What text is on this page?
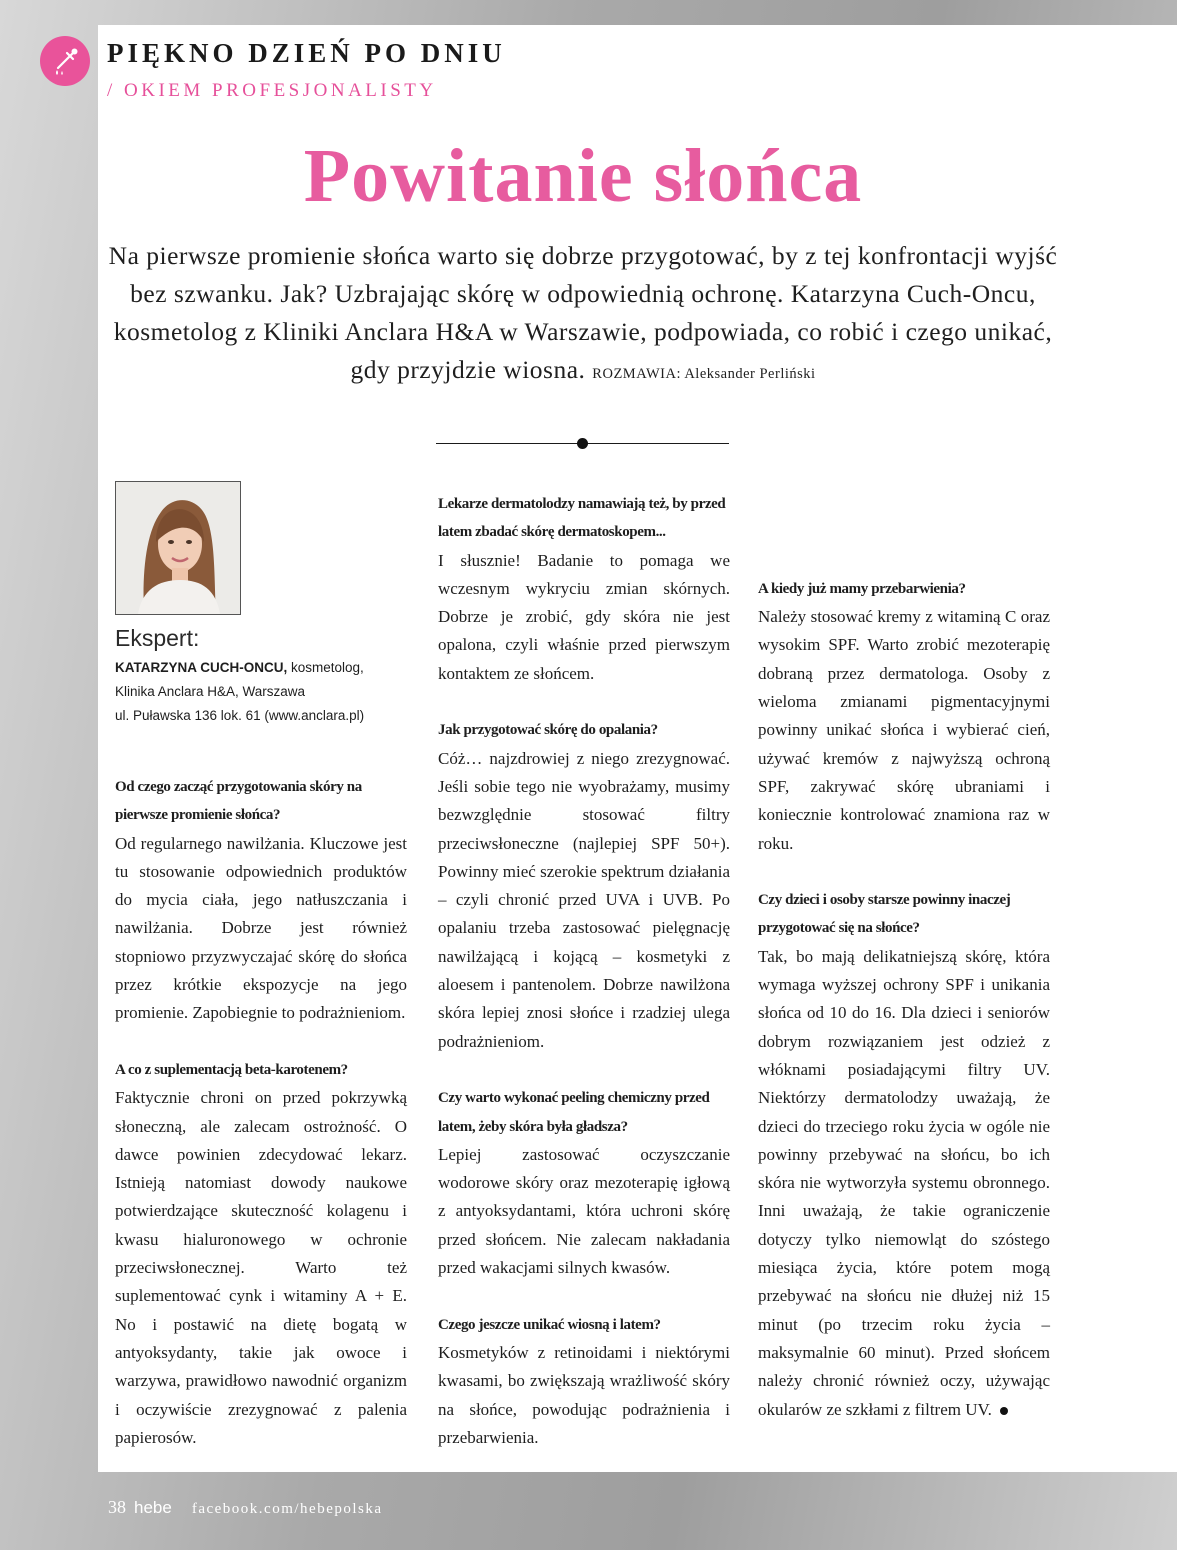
PIĘKNO DZIEŃ PO DNIU
/ OKIEM PROFESJONALISTY
Powitanie słońca
Na pierwsze promienie słońca warto się dobrze przygotować, by z tej konfrontacji wyjść bez szwanku. Jak? Uzbrajając skórę w odpowiednią ochronę. Katarzyna Cuch-Oncu, kosmetolog z Kliniki Anclara H&A w Warszawie, podpowiada, co robić i czego unikać, gdy przyjdzie wiosna. ROZMAWIA: Aleksander Perliński
Ekspert:
KATARZYNA CUCH-ONCU, kosmetolog,
Klinika Anclara H&A, Warszawa
ul. Puławska 136 lok. 61 (www.anclara.pl)

Od czego zacząć przygotowania skóry na pierwsze promienie słońca?

Od regularnego nawilżania. Kluczowe jest tu stosowanie odpowiednich produktów do mycia ciała, jego natłuszczania i nawilżania. Dobrze jest również stopniowo przyzwyczajać skórę do słońca przez krótkie ekspozycje na jego promienie. Zapobiegnie to podrażnieniom.

A co z suplementacją beta-karotenem?

Faktycznie chroni on przed pokrzywką słoneczną, ale zalecam ostrożność. O dawce powinien zdecydować lekarz. Istnieją natomiast dowody naukowe potwierdzające skuteczność kolagenu i kwasu hialuronowego w ochronie przeciwsłonecznej. Warto też suplementować cynk i witaminy A + E. No i postawić na dietę bogatą w antyoksydanty, takie jak owoce i warzywa, prawidłowo nawodnić organizm i oczywiście zrezygnować z palenia papierosów.

Lekarze dermatolodzy namawiają też, by przed latem zbadać skórę dermatoskopem...

I słusznie! Badanie to pomaga we wczesnym wykryciu zmian skórnych. Dobrze je zrobić, gdy skóra nie jest opalona, czyli właśnie przed pierwszym kontaktem ze słońcem.

Jak przygotować skórę do opalania?

Cóż… najzdrowiej z niego zrezygnować. Jeśli sobie tego nie wyobrażamy, musimy bezwzględnie stosować filtry przeciwsłoneczne (najlepiej SPF 50+). Powinny mieć szerokie spektrum działania – czyli chronić przed UVA i UVB. Po opalaniu trzeba zastosować pielęgnację nawilżającą i kojącą – kosmetyki z aloesem i pantenolem. Dobrze nawilżona skóra lepiej znosi słońce i rzadziej ulega podrażnieniom.

Czy warto wykonać peeling chemiczny przed latem, żeby skóra była gładsza?

Lepiej zastosować oczyszczanie wodorowe skóry oraz mezoterapię igłową z antyoksydantami, która uchroni skórę przed słońcem. Nie zalecam nakładania przed wakacjami silnych kwasów.

Czego jeszcze unikać wiosną i latem?

Kosmetyków z retinoidami i niektórymi kwasami, bo zwiększają wrażliwość skóry na słońce, powodując podrażnienia i przebarwienia.

A kiedy już mamy przebarwienia?

Należy stosować kremy z witaminą C oraz wysokim SPF. Warto zrobić mezoterapię dobraną przez dermatologa. Osoby z wieloma zmianami pigmentacyjnymi powinny unikać słońca i wybierać cień, używać kremów z najwyższą ochroną SPF, zakrywać skórę ubraniami i koniecznie kontrolować znamiona raz w roku.

Czy dzieci i osoby starsze powinny inaczej przygotować się na słońce?

Tak, bo mają delikatniejszą skórę, która wymaga wyższej ochrony SPF i unikania słońca od 10 do 16. Dla dzieci i seniorów dobrym rozwiązaniem jest odzież z włóknami posiadającymi filtry UV. Niektórzy dermatolodzy uważają, że dzieci do trzeciego roku życia w ogóle nie powinny przebywać na słońcu, bo ich skóra nie wytworzyła systemu obronnego. Inni uważają, że takie ograniczenie dotyczy tylko niemowląt do szóstego miesiąca życia, które potem mogą przebywać na słońcu nie dłużej niż 15 minut (po trzecim roku życia – maksymalnie 60 minut). Przed słońcem należy chronić również oczy, używając okularów ze szkłami z filtrem UV.

38 hebe facebook.com/hebepolska
